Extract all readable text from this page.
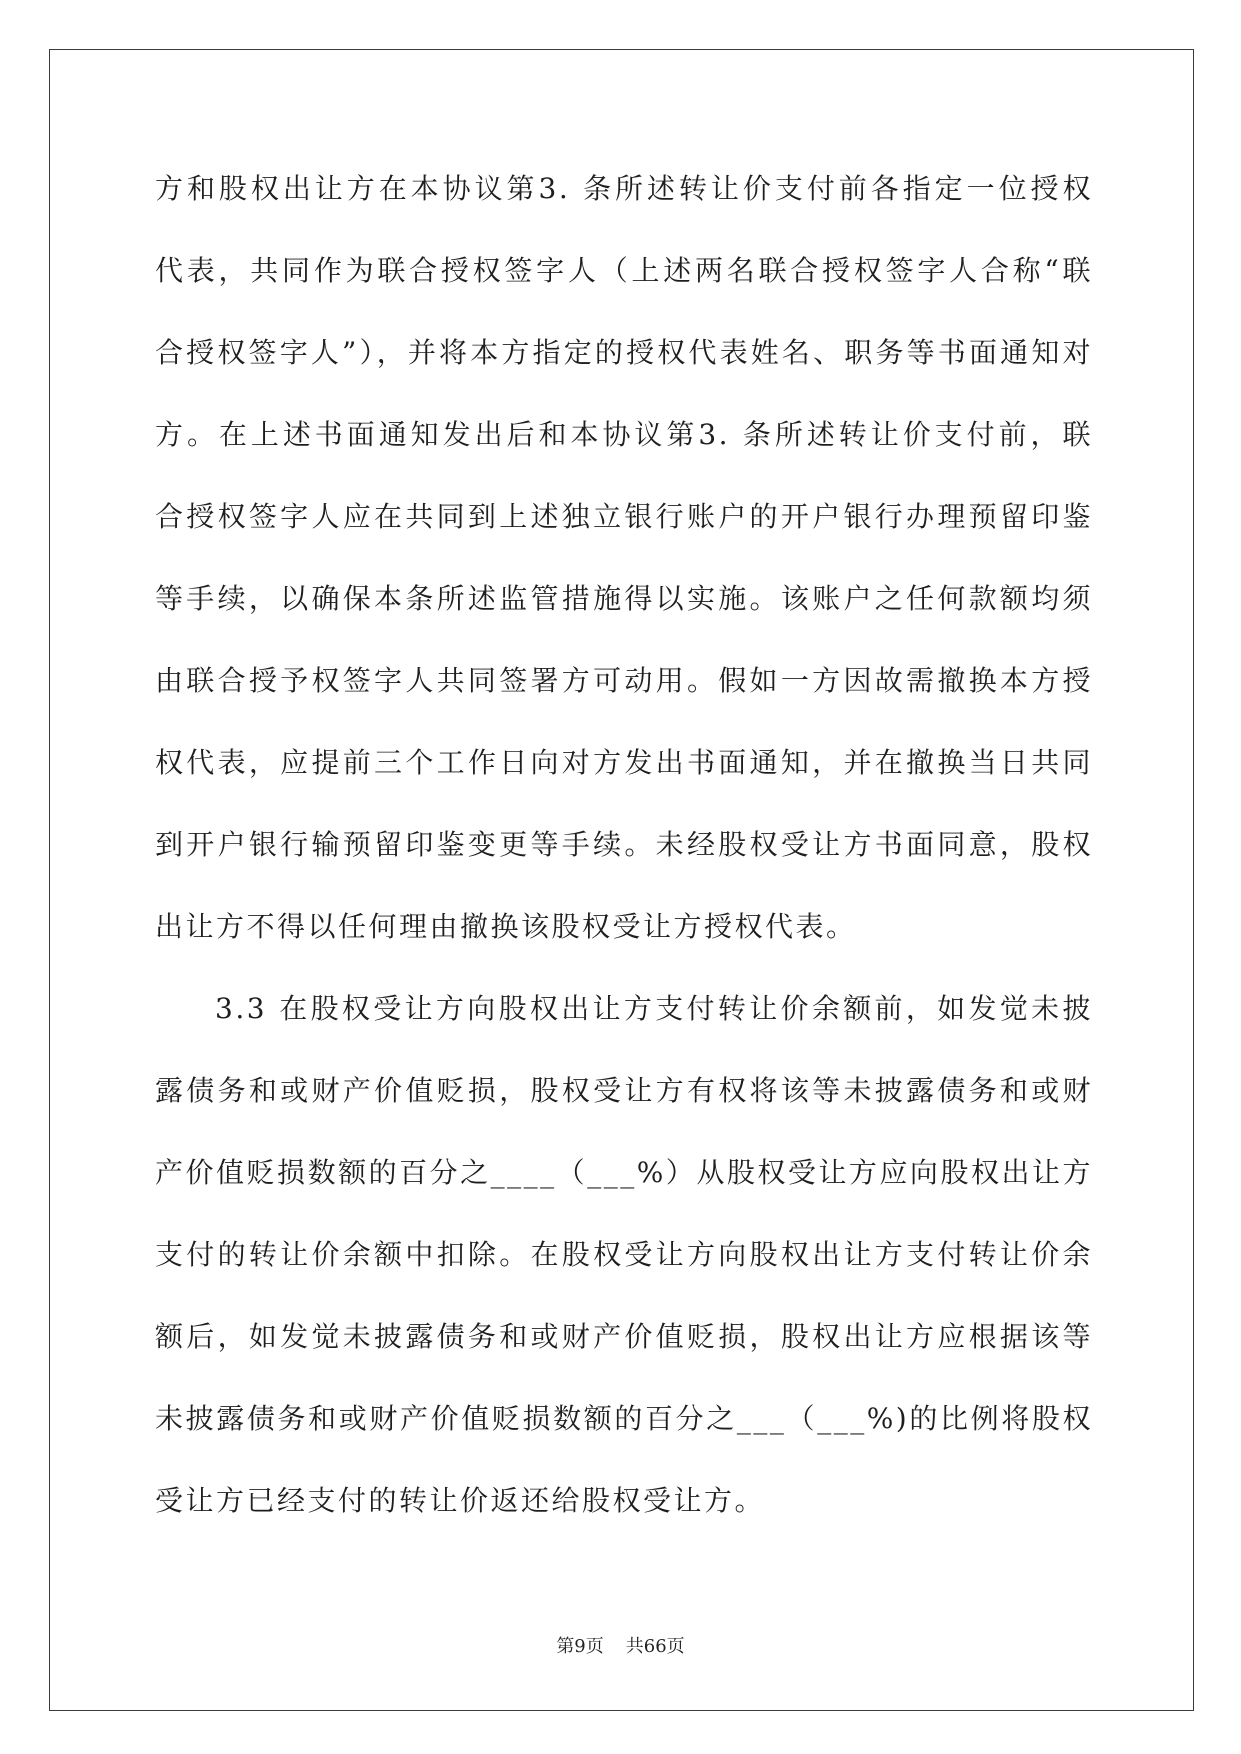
方和股权出让方在本协议第3. 条所述转让价支付前各指定一位授权
代表，共同作为联合授权签字人（上述两名联合授权签字人合称“联
合授权签字人”），并将本方指定的授权代表姓名、职务等书面通知对
方。在上述书面通知发出后和本协议第3. 条所述转让价支付前，联
合授权签字人应在共同到上述独立银行账户的开户银行办理预留印鉴
等手续，以确保本条所述监管措施得以实施。该账户之任何款额均须
由联合授予权签字人共同签署方可动用。假如一方因故需撤换本方授
权代表，应提前三个工作日向对方发出书面通知，并在撤换当日共同
到开户银行输预留印鉴变更等手续。未经股权受让方书面同意，股权
出让方不得以任何理由撤换该股权受让方授权代表。
3.3 在股权受让方向股权出让方支付转让价余额前，如发觉未披
露债务和或财产价值贬损，股权受让方有权将该等未披露债务和或财
产价值贬损数额的百分之____（___%）从股权受让方应向股权出让方
支付的转让价余额中扣除。在股权受让方向股权出让方支付转让价余
额后，如发觉未披露债务和或财产价值贬损，股权出让方应根据该等
未披露债务和或财产价值贬损数额的百分之___（___%)的比例将股权
受让方已经支付的转让价返还给股权受让方。
第9页 共66页
